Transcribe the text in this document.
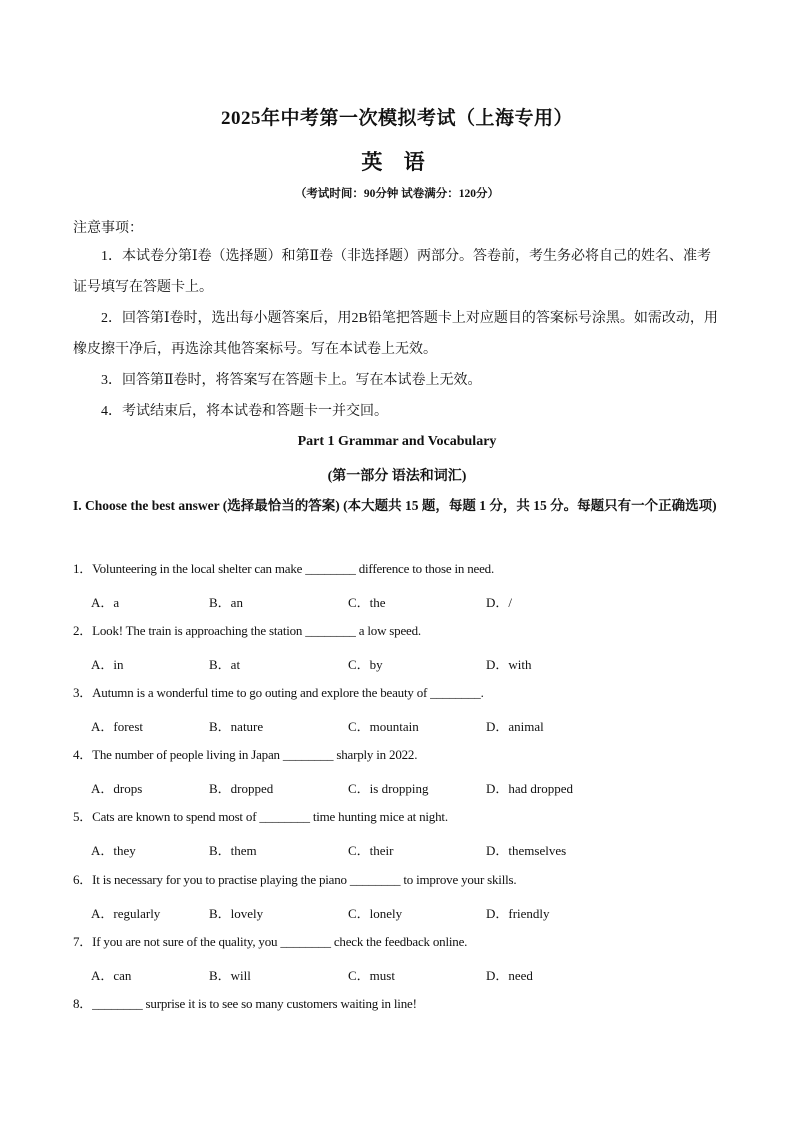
2025年中考第一次模拟考试（上海专用）
英 语
（考试时间：90分钟 试卷满分：120分）
注意事项：
1．本试卷分第Ⅰ卷（选择题）和第Ⅱ卷（非选择题）两部分。答卷前，考生务必将自己的姓名、准考证号填写在答题卡上。
2．回答第Ⅰ卷时，选出每小题答案后，用2B铅笔把答题卡上对应题目的答案标号涂黑。如需改动，用橡皮擦干净后，再选涂其他答案标号。写在本试卷上无效。
3．回答第Ⅱ卷时，将答案写在答题卡上。写在本试卷上无效。
4．考试结束后，将本试卷和答题卡一并交回。
Part 1 Grammar and Vocabulary
(第一部分 语法和词汇)
I. Choose the best answer (选择最恰当的答案) (本大题共 15 题，每题 1 分，共 15 分。每题只有一个正确选项)
1．Volunteering in the local shelter can make ________ difference to those in need.
A．a	B．an	C．the	D．/
2．Look! The train is approaching the station ________ a low speed.
A．in	B．at	C．by	D．with
3．Autumn is a wonderful time to go outing and explore the beauty of ________.
A．forest	B．nature	C．mountain	D．animal
4．The number of people living in Japan ________ sharply in 2022.
A．drops	B．dropped	C．is dropping	D．had dropped
5．Cats are known to spend most of ________ time hunting mice at night.
A．they	B．them	C．their	D．themselves
6．It is necessary for you to practise playing the piano ________ to improve your skills.
A．regularly	B．lovely	C．lonely	D．friendly
7．If you are not sure of the quality, you ________ check the feedback online.
A．can	B．will	C．must	D．need
8．________ surprise it is to see so many customers waiting in line!
